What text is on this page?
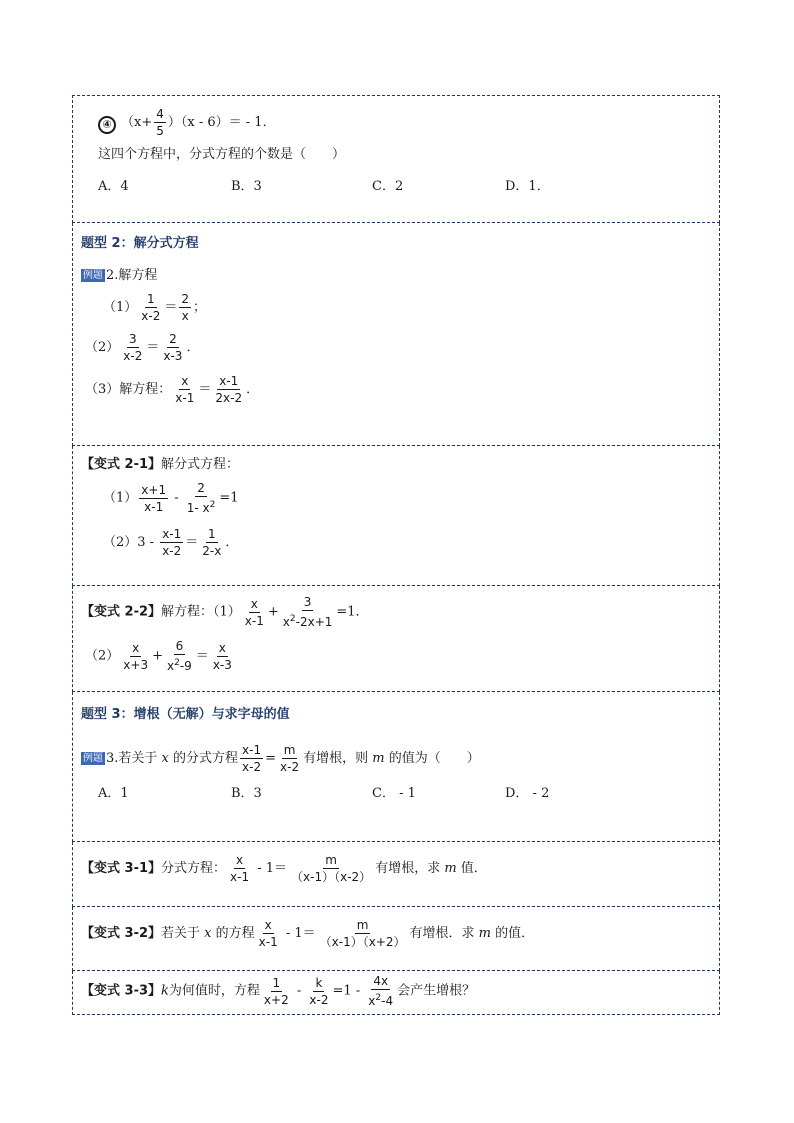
④ $(x+ \frac{4}{5} )(x - 6)= - 1$．
这四个方程中，分式方程的个数是（　　）
A．4	B．3	C．2	D．1．
题型 2：解分式方程
例题 2.解方程
$(1) \frac{1}{x-2} = \frac{2}{x}$ ；
$(2) \frac{3}{x-2} = \frac{2}{x-3}$ ．
（3）解方程： $\frac{x}{x-1} = \frac{x-1}{2x-2}$ ．
【变式 2-1】解分式方程：
$(1) \frac{x+1}{x-1} - \frac{2}{1- x^2} =1$
$(2)3 - \frac{x-1}{x-2} = \frac{1}{2-x}$ ．
【变式 2-2】解方程：$(1) \frac{x}{x-1} + \frac{3}{x^2-2x+1} =1$．
$(2) \frac{x}{x+3} + \frac{6}{x^2-9} = \frac{x}{x-3}$
题型 3：增根（无解）与求字母的值
例题 3.若关于 x 的分式方程 $\frac{x-1}{x-2} = \frac{m}{x-2}$ 有增根，则 m 的值为（　　）
A．1	B．3	C． - 1	D． - 2
【变式 3-1】分式方程： $\frac{x}{x-1} - 1= \frac{m}{(x-1)(x-2)}$ 有增根，求 m 值．
【变式 3-2】若关于 x 的方程 $\frac{x}{x-1} - 1= \frac{m}{(x-1)(x+2)}$ 有增根．求 m 的值．
【变式 3-3】k为何值时，方程 $\frac{1}{x+2} - \frac{k}{x-2} =1 - \frac{4x}{x^2-4}$ 会产生增根？
